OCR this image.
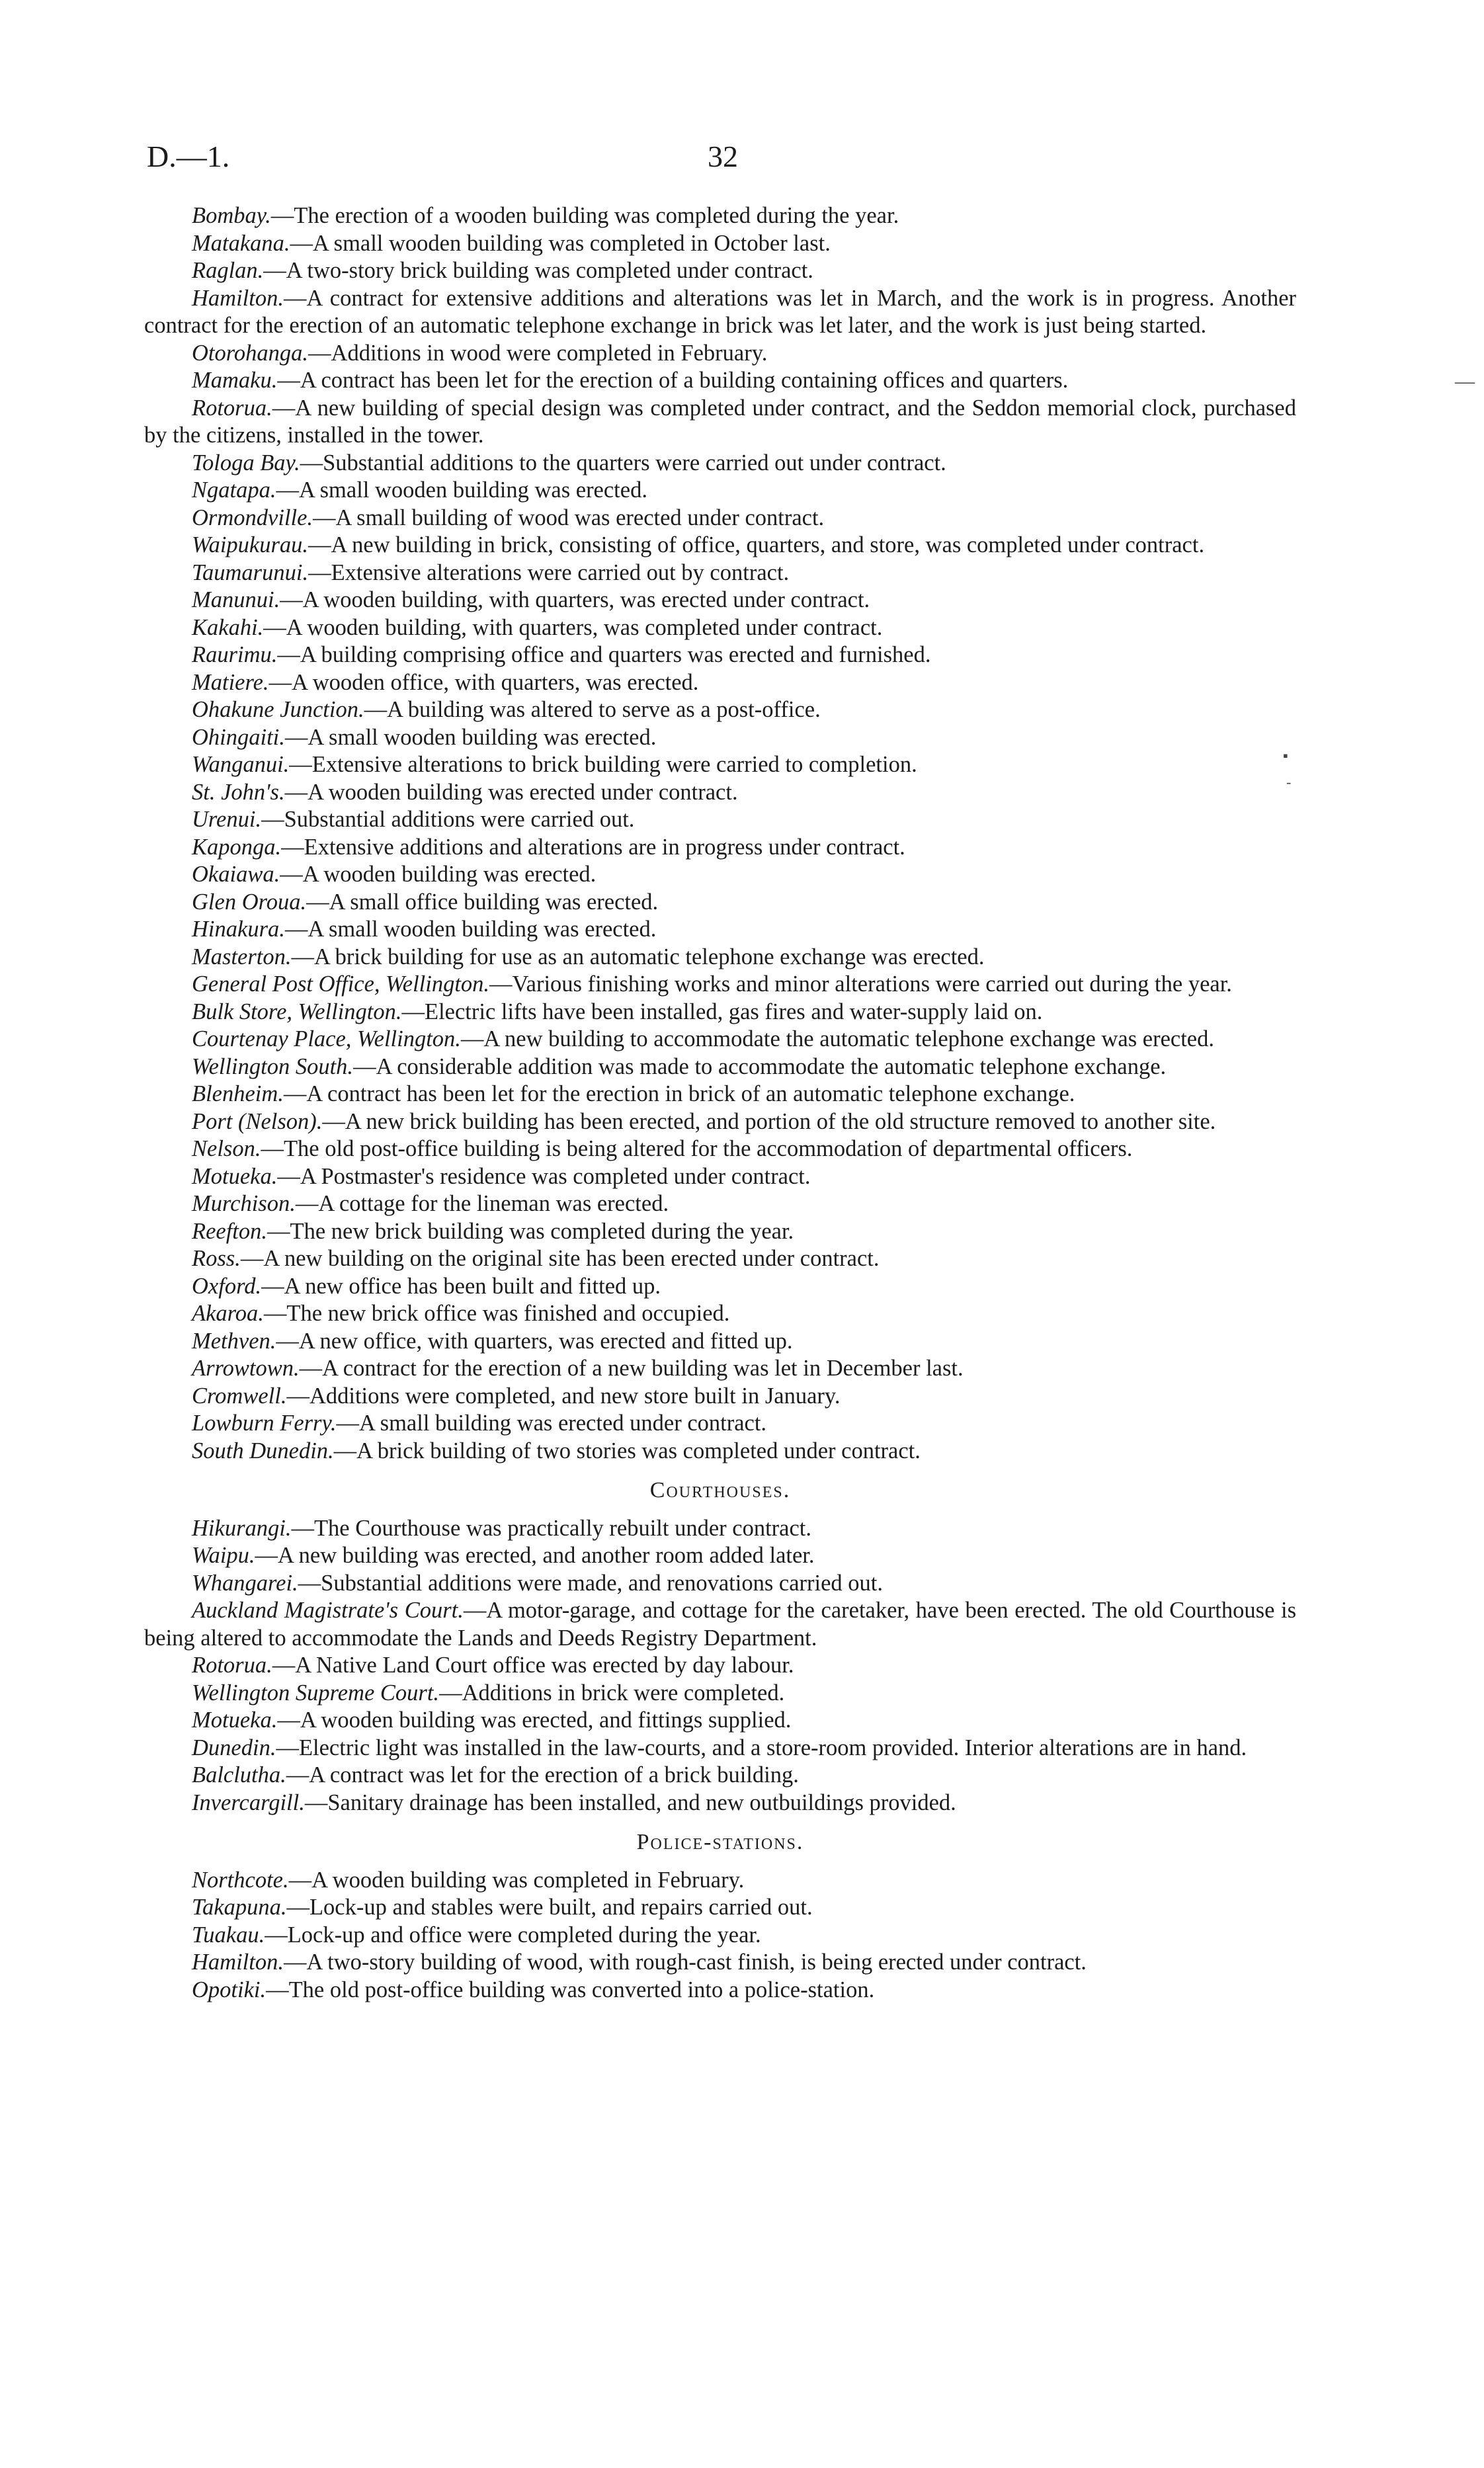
D.—1.	32

Bombay.—The erection of a wooden building was completed during the year.

Matakana.—A small wooden building was completed in October last.

Raglan.—A two-story brick building was completed under contract.

Hamilton.—A contract for extensive additions and alterations was let in March, and the work is in progress. Another contract for the erection of an automatic telephone exchange in brick was let later, and the work is just being started.

Otorohanga.—Additions in wood were completed in February.

Mamaku.—A contract has been let for the erection of a building containing offices and quarters.

Rotorua.—A new building of special design was completed under contract, and the Seddon memorial clock, purchased by the citizens, installed in the tower.

Tologa Bay.—Substantial additions to the quarters were carried out under contract.

Ngatapa.—A small wooden building was erected.

Ormondville.—A small building of wood was erected under contract.

Waipukurau.—A new building in brick, consisting of office, quarters, and store, was completed under contract.

Taumarunui.—Extensive alterations were carried out by contract.

Manunui.—A wooden building, with quarters, was erected under contract.

Kakahi.—A wooden building, with quarters, was completed under contract.

Raurimu.—A building comprising office and quarters was erected and furnished.

Matiere.—A wooden office, with quarters, was erected.

Ohakune Junction.—A building was altered to serve as a post-office.

Ohingaiti.—A small wooden building was erected.

Wanganui.—Extensive alterations to brick building were carried to completion.

St. John's.—A wooden building was erected under contract.

Urenui.—Substantial additions were carried out.

Kaponga.—Extensive additions and alterations are in progress under contract.

Okaiawa.—A wooden building was erected.

Glen Oroua.—A small office building was erected.

Hinakura.—A small wooden building was erected.

Masterton.—A brick building for use as an automatic telephone exchange was erected.

General Post Office, Wellington.—Various finishing works and minor alterations were carried out during the year.

Bulk Store, Wellington.—Electric lifts have been installed, gas fires and water-supply laid on.

Courtenay Place, Wellington.—A new building to accommodate the automatic telephone exchange was erected.

Wellington South.—A considerable addition was made to accommodate the automatic telephone exchange.

Blenheim.—A contract has been let for the erection in brick of an automatic telephone exchange.

Port (Nelson).—A new brick building has been erected, and portion of the old structure removed to another site.

Nelson.—The old post-office building is being altered for the accommodation of departmental officers.

Motueka.—A Postmaster's residence was completed under contract.

Murchison.—A cottage for the lineman was erected.

Reefton.—The new brick building was completed during the year.

Ross.—A new building on the original site has been erected under contract.

Oxford.—A new office has been built and fitted up.

Akaroa.—The new brick office was finished and occupied.

Methven.—A new office, with quarters, was erected and fitted up.

Arrowtown.—A contract for the erection of a new building was let in December last.

Cromwell.—Additions were completed, and new store built in January.

Lowburn Ferry.—A small building was erected under contract.

South Dunedin.—A brick building of two stories was completed under contract.

Courthouses.

Hikurangi.—The Courthouse was practically rebuilt under contract.

Waipu.—A new building was erected, and another room added later.

Whangarei.—Substantial additions were made, and renovations carried out.

Auckland Magistrate's Court.—A motor-garage, and cottage for the caretaker, have been erected. The old Courthouse is being altered to accommodate the Lands and Deeds Registry Department.

Rotorua.—A Native Land Court office was erected by day labour.

Wellington Supreme Court.—Additions in brick were completed.

Motueka.—A wooden building was erected, and fittings supplied.

Dunedin.—Electric light was installed in the law-courts, and a store-room provided. Interior alterations are in hand.

Balclutha.—A contract was let for the erection of a brick building.

Invercargill.—Sanitary drainage has been installed, and new outbuildings provided.

Police-stations.

Northcote.—A wooden building was completed in February.

Takapuna.—Lock-up and stables were built, and repairs carried out.

Tuakau.—Lock-up and office were completed during the year.

Hamilton.—A two-story building of wood, with rough-cast finish, is being erected under contract.

Opotiki.—The old post-office building was converted into a police-station.

—
▪
-
